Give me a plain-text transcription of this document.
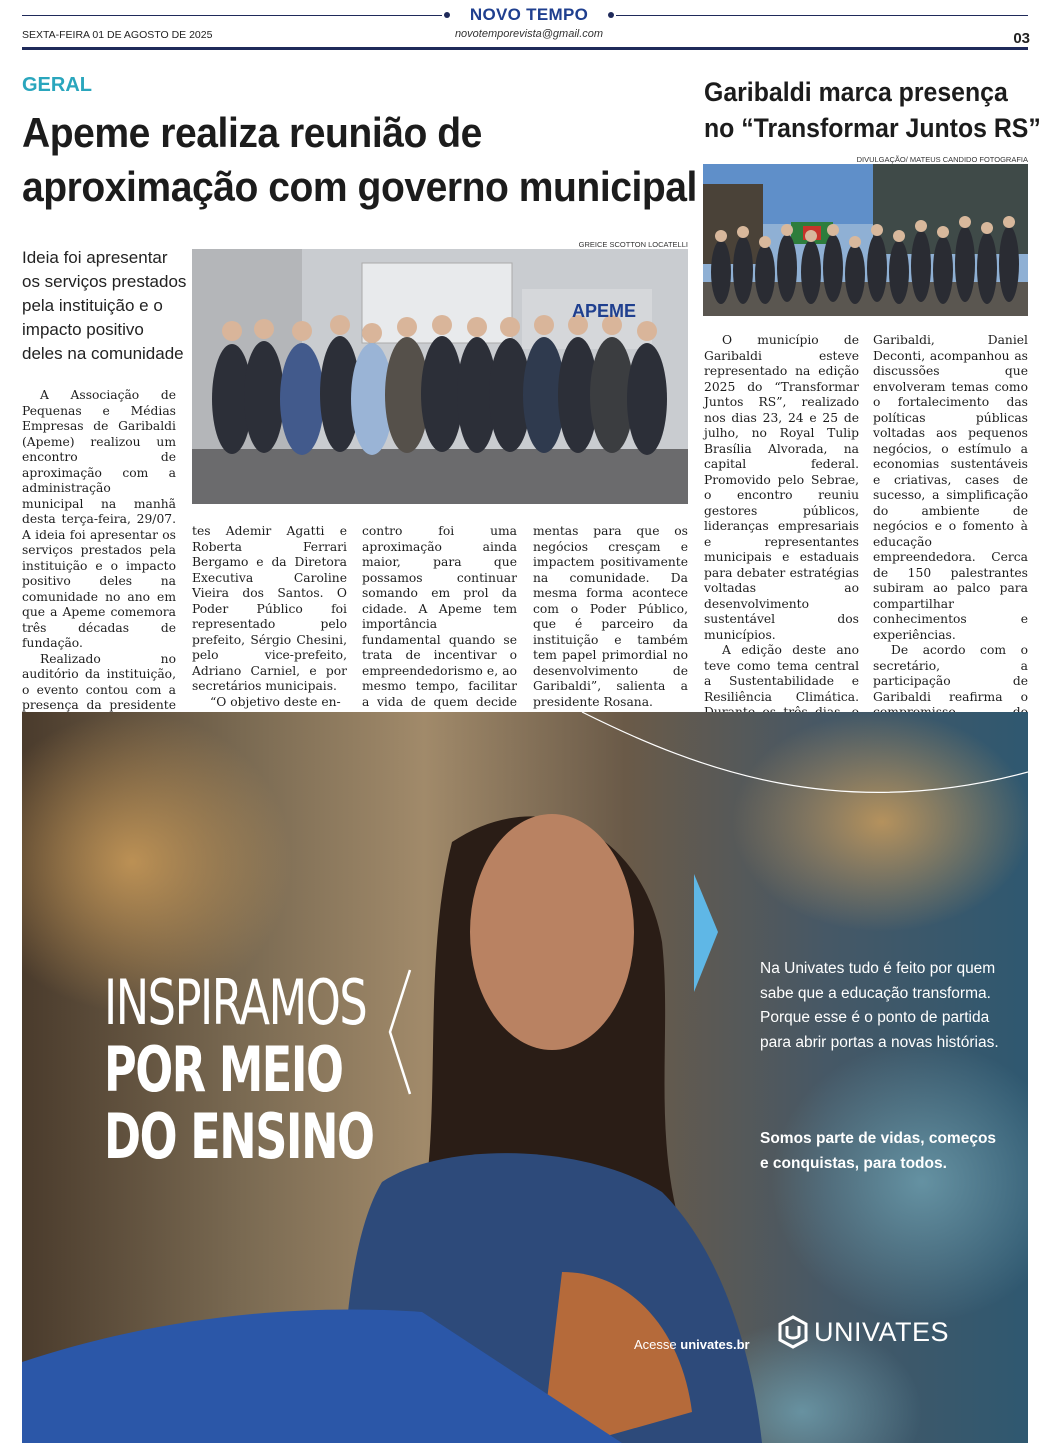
NOVO TEMPO
novotemporevista@gmail.com
SEXTA-FEIRA 01 DE AGOSTO DE 2025	03
GERAL
Apeme realiza reunião de
aproximação com governo municipal
Ideia foi apresentar os serviços prestados pela instituição e o impacto positivo deles na comunidade
GREICE SCOTTON LOCATELLI
APEME

A Associação de Pequenas e Médias Empresas de Garibaldi (Apeme) realizou um encontro de aproximação com a administração municipal na manhã desta terça-feira, 29/07. A ideia foi apresentar os serviços prestados pela instituição e o impacto positivo deles na comunidade no ano em que a Apeme comemora três décadas de fundação.

Realizado no auditório da instituição, o evento contou com a presença da presidente

tes Ademir Agatti e Roberta Ferrari Bergamo e da Diretora Executiva Caroline Vieira dos Santos. O Poder Público foi representado pelo prefeito, Sérgio Chesini, pelo vice-prefeito, Adriano Carniel, e por secretários municipais.

“O objetivo deste en-

contro foi uma aproximação ainda maior, para que possamos continuar somando em prol da cidade. A Apeme tem importância fundamental quando se trata de incentivar o empreendedorismo e, ao mesmo tempo, facilitar a vida de quem decide

mentas para que os negócios cresçam e impactem positivamente na comunidade. Da mesma forma acontece com o Poder Público, que é parceiro da instituição e também tem papel primordial no desenvolvimento de Garibaldi”, salienta a presidente Rosana.

Garibaldi marca presença
no “Transformar Juntos RS”
DIVULGAÇÃO/ MATEUS CANDIDO FOTOGRAFIA

O município de Garibaldi esteve representado na edição 2025 do “Transformar Juntos RS”, realizado nos dias 23, 24 e 25 de julho, no Royal Tulip Brasília Alvorada, na capital federal. Promovido pelo Sebrae, o encontro reuniu gestores públicos, lideranças empresariais e representantes municipais e estaduais para debater estratégias voltadas ao desenvolvimento sustentável dos municípios.

A edição deste ano teve como tema central a Sustentabilidade e Resiliência Climática.

Garibaldi, Daniel Deconti, acompanhou as discussões que envolveram temas como o fortalecimento das políticas públicas voltadas aos pequenos negócios, o estímulo a economias sustentáveis e criativas, cases de sucesso, a simplificação do ambiente de negócios e o fomento à educação empreendedora. Cerca de 150 palestrantes subiram ao palco para compartilhar conhecimentos e experiências.

De acordo com o secretário, a participação de Garibaldi reafirma o

INSPIRAMOS
POR MEIO
DO ENSINO
Na Univates tudo é feito por quem sabe que a educação transforma. Porque esse é o ponto de partida para abrir portas a novas histórias.
Somos parte de vidas, começos e conquistas, para todos.
Acesse univates.br UNIVATES
